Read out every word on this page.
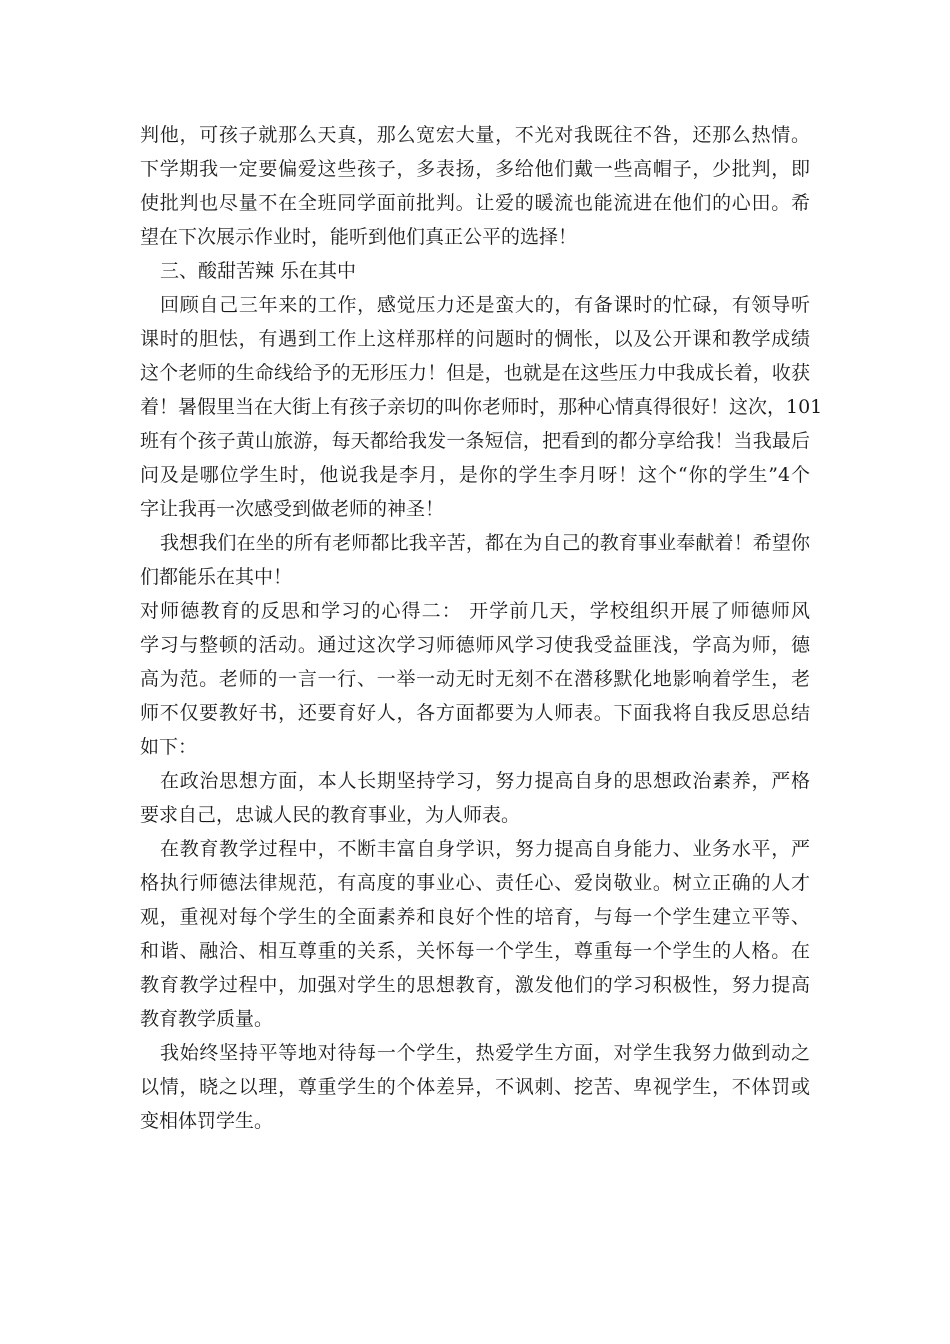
判他，可孩子就那么天真，那么宽宏大量，不光对我既往不咎，还那么热情。
下学期我一定要偏爱这些孩子，多表扬，多给他们戴一些高帽子，少批判，即
使批判也尽量不在全班同学面前批判。让爱的暖流也能流进在他们的心田。希
望在下次展示作业时，能听到他们真正公平的选择！
三、酸甜苦辣 乐在其中
回顾自己三年来的工作，感觉压力还是蛮大的，有备课时的忙碌，有领导听
课时的胆怯，有遇到工作上这样那样的问题时的惆怅，以及公开课和教学成绩
这个老师的生命线给予的无形压力！但是，也就是在这些压力中我成长着，收获
着！暑假里当在大街上有孩子亲切的叫你老师时，那种心情真得很好！这次，101
班有个孩子黄山旅游，每天都给我发一条短信，把看到的都分享给我！当我最后
问及是哪位学生时，他说我是李月，是你的学生李月呀！这个“你的学生”4个
字让我再一次感受到做老师的神圣！
我想我们在坐的所有老师都比我辛苦，都在为自己的教育事业奉献着！希望你
们都能乐在其中！
对师德教育的反思和学习的心得二： 开学前几天，学校组织开展了师德师风
学习与整顿的活动。通过这次学习师德师风学习使我受益匪浅，学高为师，德
高为范。老师的一言一行、一举一动无时无刻不在潜移默化地影响着学生，老
师不仅要教好书，还要育好人，各方面都要为人师表。下面我将自我反思总结
如下：
在政治思想方面，本人长期坚持学习，努力提高自身的思想政治素养，严格
要求自己，忠诚人民的教育事业，为人师表。
在教育教学过程中，不断丰富自身学识，努力提高自身能力、业务水平，严
格执行师德法律规范，有高度的事业心、责任心、爱岗敬业。树立正确的人才
观，重视对每个学生的全面素养和良好个性的培育，与每一个学生建立平等、
和谐、融洽、相互尊重的关系，关怀每一个学生，尊重每一个学生的人格。在
教育教学过程中，加强对学生的思想教育，激发他们的学习积极性，努力提高
教育教学质量。
我始终坚持平等地对待每一个学生，热爱学生方面，对学生我努力做到动之
以情，晓之以理，尊重学生的个体差异，不讽刺、挖苦、卑视学生，不体罚或
变相体罚学生。
